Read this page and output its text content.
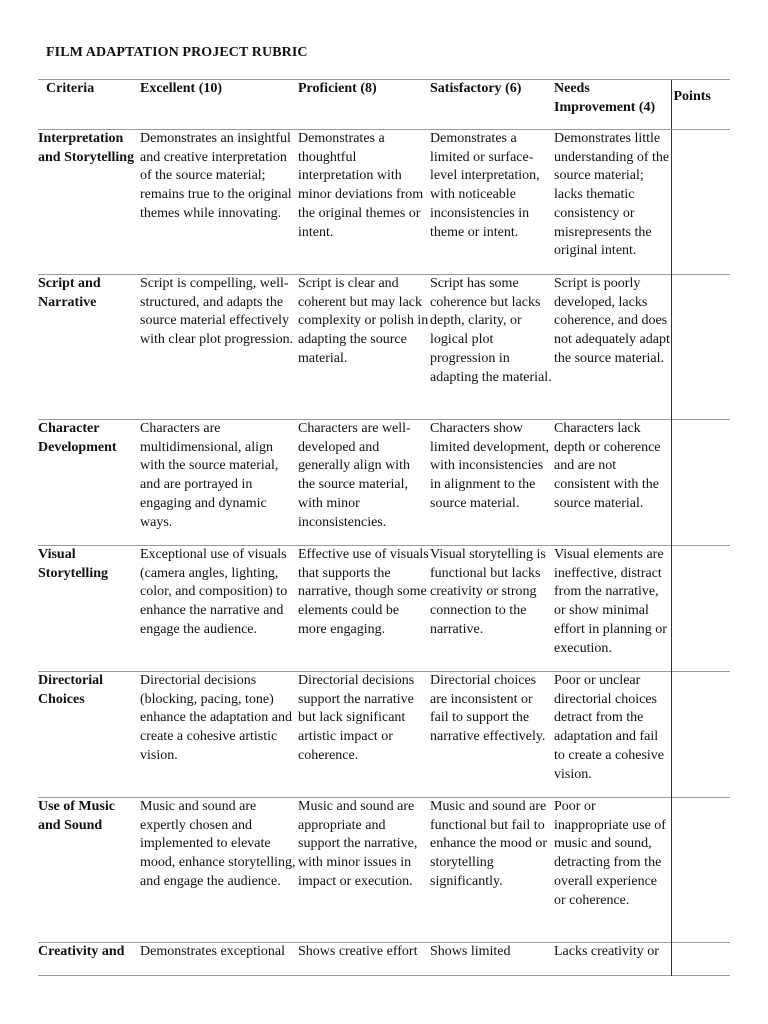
FILM ADAPTATION PROJECT RUBRIC
Criteria	Excellent (10)	Proficient (8)	Satisfactory (6)	Needs Improvement (4)	Points
Interpretation and Storytelling	Demonstrates an insightful and creative interpretation of the source material; remains true to the original themes while innovating.	Demonstrates a thoughtful interpretation with minor deviations from the original themes or intent.	Demonstrates a limited or surface-level interpretation, with noticeable inconsistencies in theme or intent.	Demonstrates little understanding of the source material; lacks thematic consistency or misrepresents the original intent.	
Script and Narrative	Script is compelling, well-structured, and adapts the source material effectively with clear plot progression.	Script is clear and coherent but may lack complexity or polish in adapting the source material.	Script has some coherence but lacks depth, clarity, or logical plot progression in adapting the material.	Script is poorly developed, lacks coherence, and does not adequately adapt the source material.	
Character Development	Characters are multidimensional, align with the source material, and are portrayed in engaging and dynamic ways.	Characters are well-developed and generally align with the source material, with minor inconsistencies.	Characters show limited development, with inconsistencies in alignment to the source material.	Characters lack depth or coherence and are not consistent with the source material.	
Visual Storytelling	Exceptional use of visuals (camera angles, lighting, color, and composition) to enhance the narrative and engage the audience.	Effective use of visuals that supports the narrative, though some elements could be more engaging.	Visual storytelling is functional but lacks creativity or strong connection to the narrative.	Visual elements are ineffective, distract from the narrative, or show minimal effort in planning or execution.	
Directorial Choices	Directorial decisions (blocking, pacing, tone) enhance the adaptation and create a cohesive artistic vision.	Directorial decisions support the narrative but lack significant artistic impact or coherence.	Directorial choices are inconsistent or fail to support the narrative effectively.	Poor or unclear directorial choices detract from the adaptation and fail to create a cohesive vision.	
Use of Music and Sound	Music and sound are expertly chosen and implemented to elevate mood, enhance storytelling, and engage the audience.	Music and sound are appropriate and support the narrative, with minor issues in impact or execution.	Music and sound are functional but fail to enhance the mood or storytelling significantly.	Poor or inappropriate use of music and sound, detracting from the overall experience or coherence.	
Creativity and	Demonstrates exceptional	Shows creative effort	Shows limited	Lacks creativity or	
